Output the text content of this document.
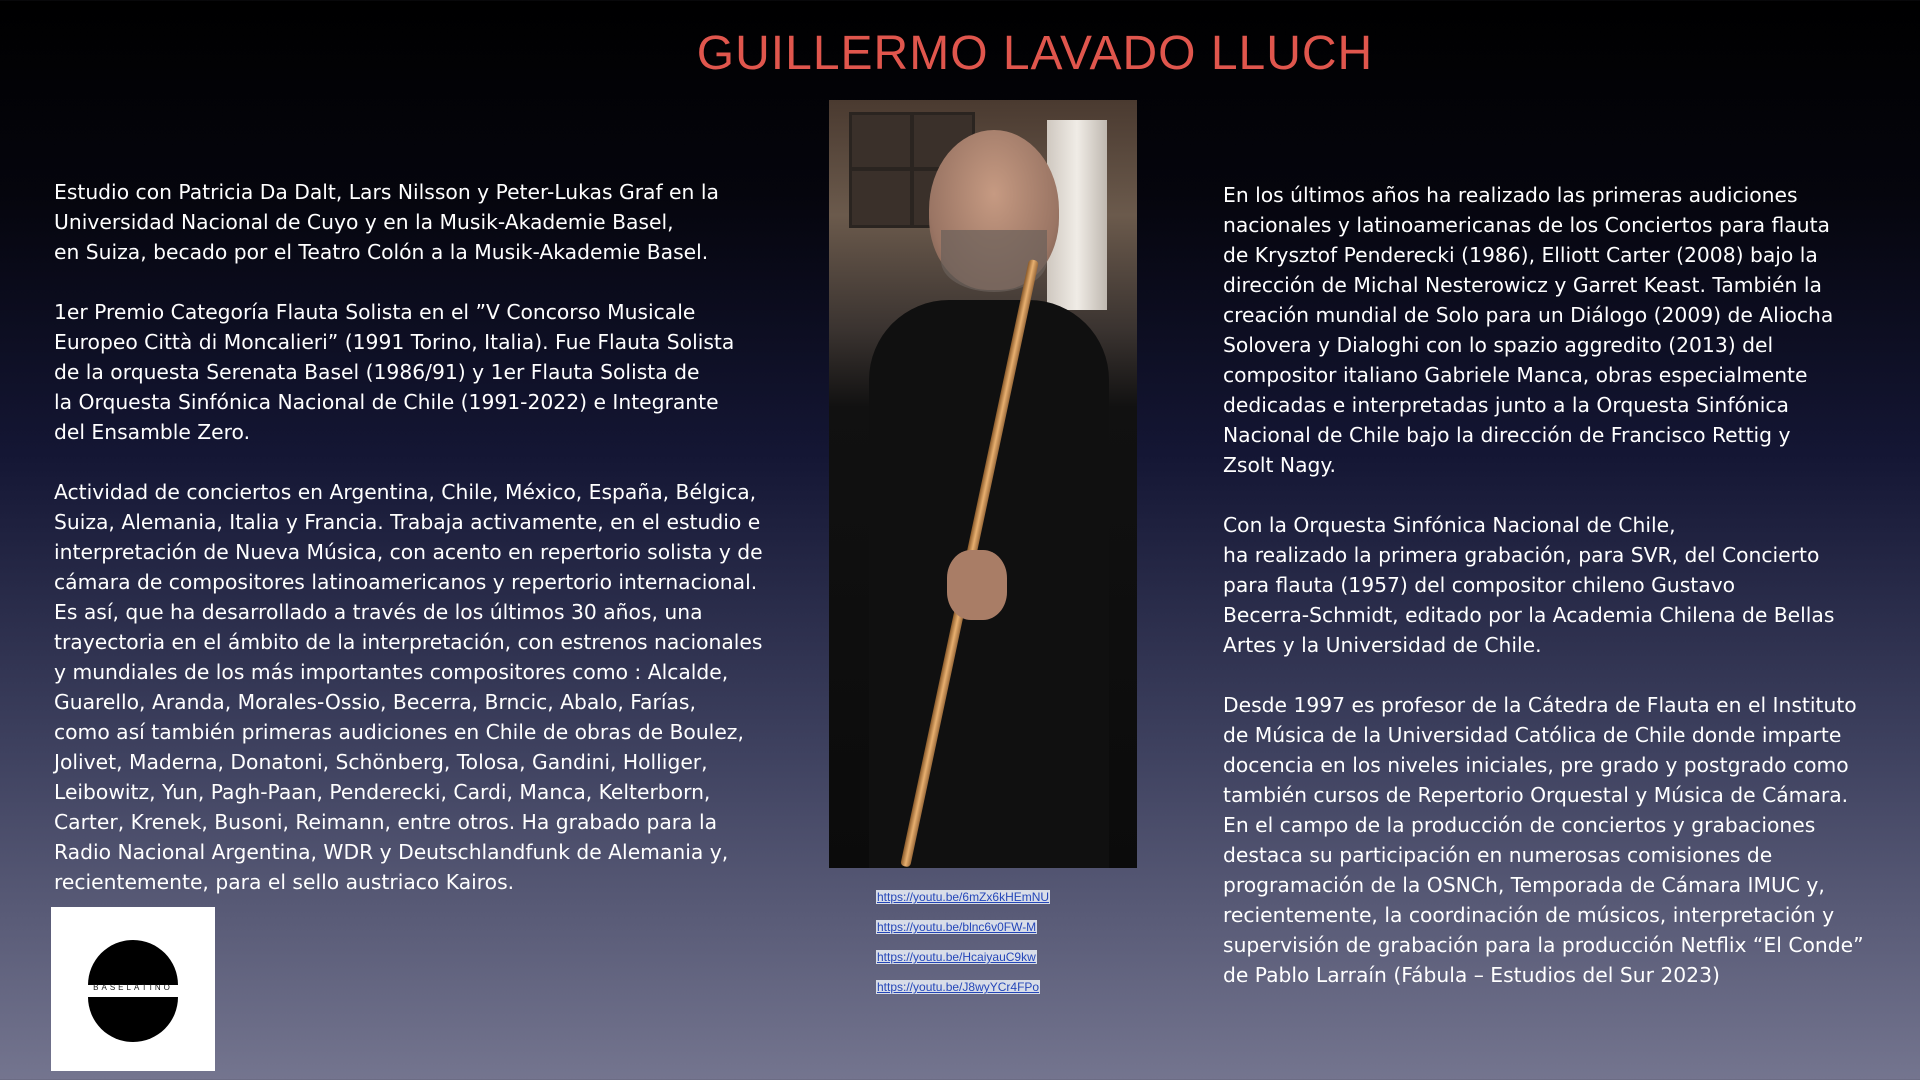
GUILLERMO LAVADO LLUCH

Estudio con Patricia Da Dalt, Lars Nilsson y Peter-Lukas Graf en la
Universidad Nacional de Cuyo y en la Musik-Akademie Basel,
en Suiza, becado por el Teatro Colón a la Musik-Akademie Basel.

1er Premio Categoría Flauta Solista en el ”V Concorso Musicale
Europeo Città di Moncalieri” (1991 Torino, Italia). Fue Flauta Solista
de la orquesta Serenata Basel (1986/91) y 1er Flauta Solista de
la Orquesta Sinfónica Nacional de Chile (1991-2022) e Integrante
del Ensamble Zero.

Actividad de conciertos en Argentina, Chile, México, España, Bélgica,
Suiza, Alemania, Italia y Francia. Trabaja activamente, en el estudio e
interpretación de Nueva Música, con acento en repertorio solista y de
cámara de compositores latinoamericanos y repertorio internacional.
Es así, que ha desarrollado a través de los últimos 30 años, una
trayectoria en el ámbito de la interpretación, con estrenos nacionales
y mundiales de los más importantes compositores como : Alcalde,
Guarello, Aranda, Morales-Ossio, Becerra, Brncic, Abalo, Farías,
como así también primeras audiciones en Chile de obras de Boulez,
Jolivet, Maderna, Donatoni, Schönberg, Tolosa, Gandini, Holliger,
Leibowitz, Yun, Pagh-Paan, Penderecki, Cardi, Manca, Kelterborn,
Carter, Krenek, Busoni, Reimann, entre otros. Ha grabado para la
Radio Nacional Argentina, WDR y Deutschlandfunk de Alemania y,
recientemente, para el sello austriaco Kairos.

https://youtu.be/6mZx6kHEmNU
https://youtu.be/blnc6v0FW-M
https://youtu.be/HcaiyauC9kw
https://youtu.be/J8wyYCr4FPo

En los últimos años ha realizado las primeras audiciones
nacionales y latinoamericanas de los Conciertos para flauta
de Krysztof Penderecki (1986), Elliott Carter (2008) bajo la
dirección de Michal Nesterowicz y Garret Keast. También la
creación mundial de Solo para un Diálogo (2009) de Aliocha
Solovera y Dialoghi con lo spazio aggredito (2013) del
compositor italiano Gabriele Manca, obras especialmente
dedicadas e interpretadas junto a la Orquesta Sinfónica
Nacional de Chile bajo la dirección de Francisco Rettig y
Zsolt Nagy.

Con la Orquesta Sinfónica Nacional de Chile,
ha realizado la primera grabación, para SVR, del Concierto
para flauta (1957) del compositor chileno Gustavo
Becerra-Schmidt, editado por la Academia Chilena de Bellas
Artes y la Universidad de Chile.

Desde 1997 es profesor de la Cátedra de Flauta en el Instituto
de Música de la Universidad Católica de Chile donde imparte
docencia en los niveles iniciales, pre grado y postgrado como
también cursos de Repertorio Orquestal y Música de Cámara.
En el campo de la producción de conciertos y grabaciones
destaca su participación en numerosas comisiones de
programación de la OSNCh, Temporada de Cámara IMUC y,
recientemente, la coordinación de músicos, interpretación y
supervisión de grabación para la producción Netflix “El Conde”
de Pablo Larraín (Fábula – Estudios del Sur 2023)

BASELATINO
